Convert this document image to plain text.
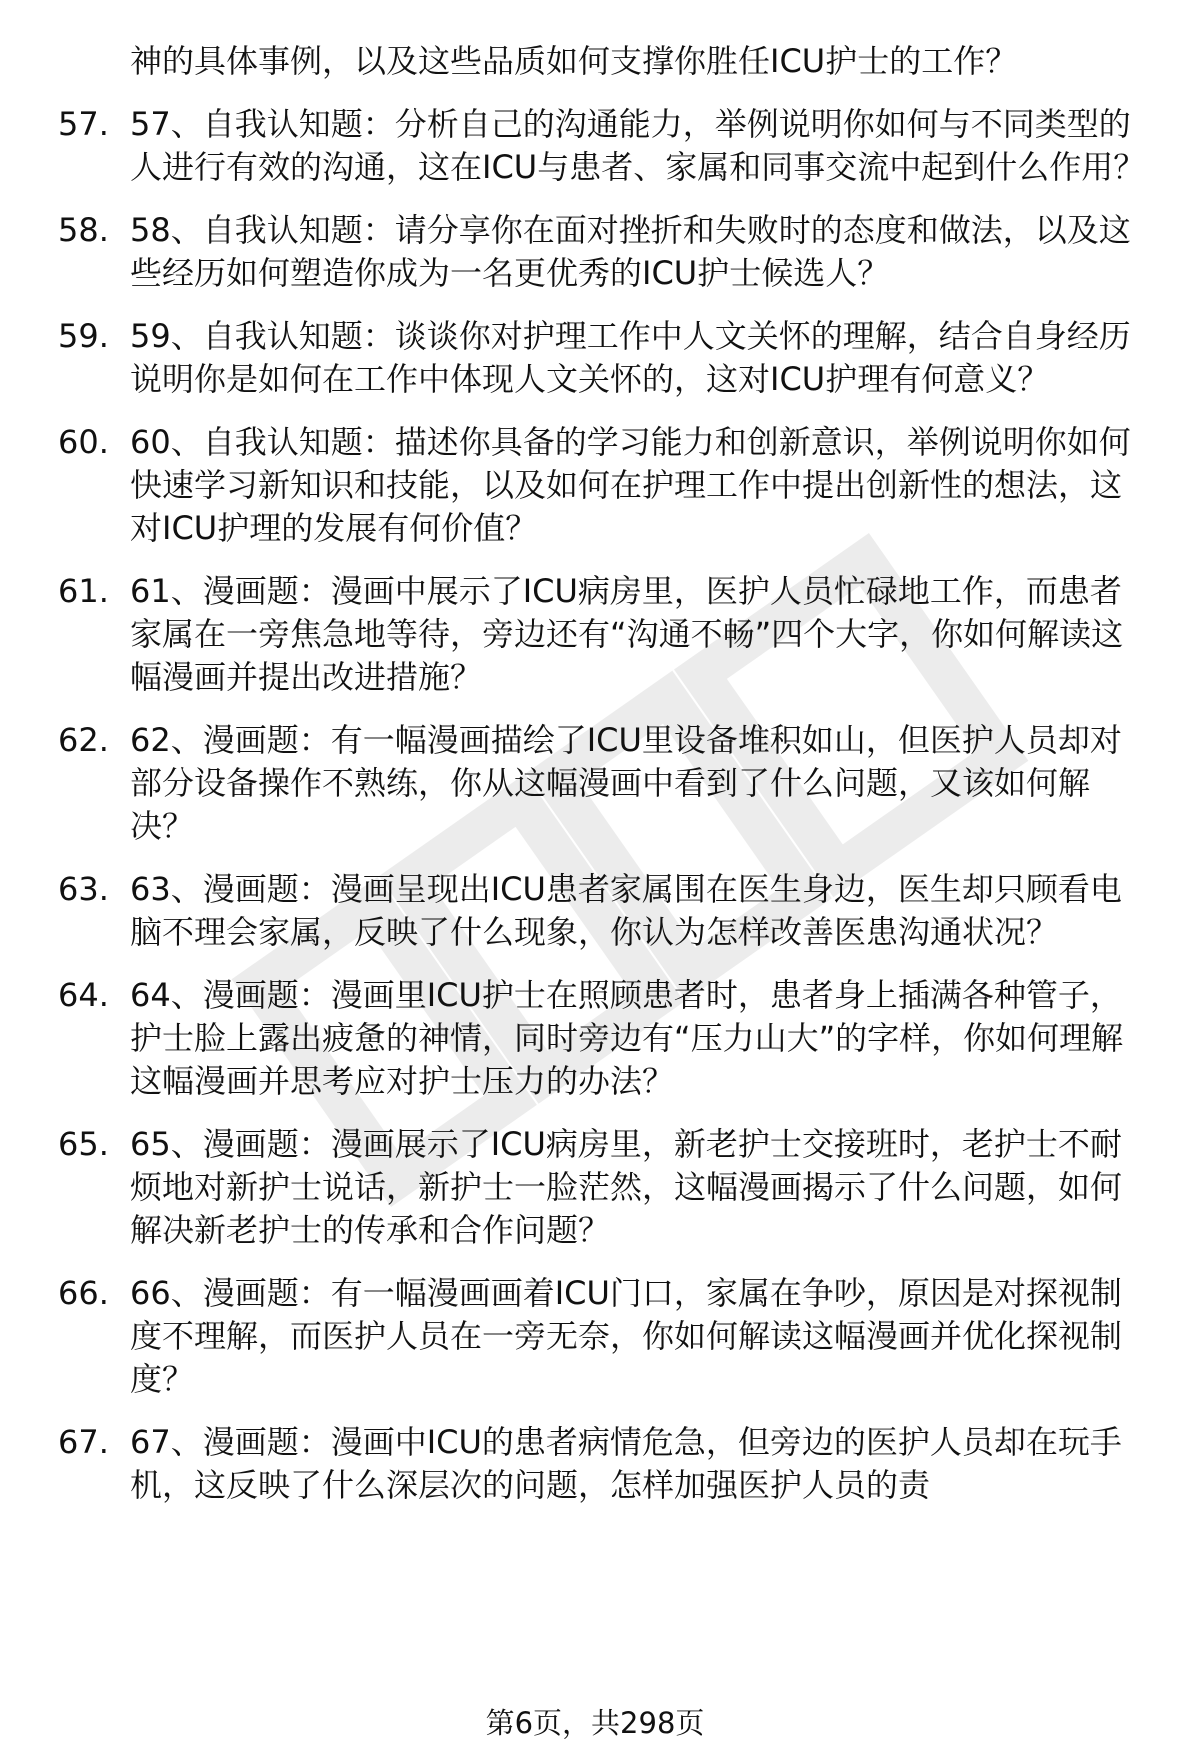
神的具体事例，以及这些品质如何支撑你胜任ICU护士的工作？
57. 57、自我认知题：分析自己的沟通能力，举例说明你如何与不同类型的人进行有效的沟通，这在ICU与患者、家属和同事交流中起到什么作用？
58. 58、自我认知题：请分享你在面对挫折和失败时的态度和做法，以及这些经历如何塑造你成为一名更优秀的ICU护士候选人？
59. 59、自我认知题：谈谈你对护理工作中人文关怀的理解，结合自身经历说明你是如何在工作中体现人文关怀的，这对ICU护理有何意义？
60. 60、自我认知题：描述你具备的学习能力和创新意识，举例说明你如何快速学习新知识和技能，以及如何在护理工作中提出创新性的想法，这对ICU护理的发展有何价值？
61. 61、漫画题：漫画中展示了ICU病房里，医护人员忙碌地工作，而患者家属在一旁焦急地等待，旁边还有“沟通不畅”四个大字，你如何解读这幅漫画并提出改进措施？
62. 62、漫画题：有一幅漫画描绘了ICU里设备堆积如山，但医护人员却对部分设备操作不熟练，你从这幅漫画中看到了什么问题，又该如何解决？
63. 63、漫画题：漫画呈现出ICU患者家属围在医生身边，医生却只顾看电脑不理会家属，反映了什么现象，你认为怎样改善医患沟通状况？
64. 64、漫画题：漫画里ICU护士在照顾患者时，患者身上插满各种管子，护士脸上露出疲惫的神情，同时旁边有“压力山大”的字样，你如何理解这幅漫画并思考应对护士压力的办法？
65. 65、漫画题：漫画展示了ICU病房里，新老护士交接班时，老护士不耐烦地对新护士说话，新护士一脸茫然，这幅漫画揭示了什么问题，如何解决新老护士的传承和合作问题？
66. 66、漫画题：有一幅漫画画着ICU门口，家属在争吵，原因是对探视制度不理解，而医护人员在一旁无奈，你如何解读这幅漫画并优化探视制度？
67. 67、漫画题：漫画中ICU的患者病情危急，但旁边的医护人员却在玩手机，这反映了什么深层次的问题，怎样加强医护人员的责
第6页，共298页
